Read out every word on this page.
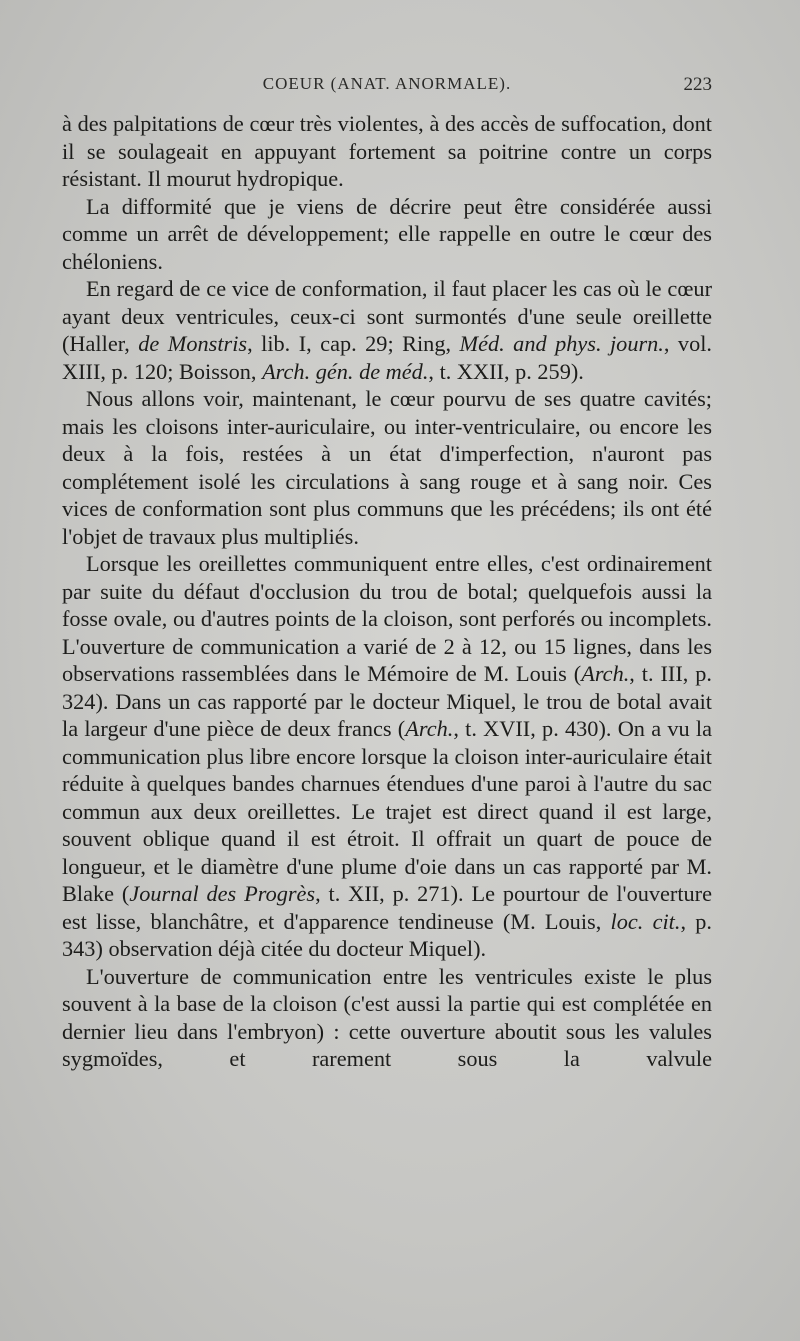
COEUR (ANAT. ANORMALE).	223

à des palpitations de cœur très violentes, à des accès de suffocation, dont il se soulageait en appuyant fortement sa poitrine contre un corps résistant. Il mourut hydropique.

La difformité que je viens de décrire peut être considérée aussi comme un arrêt de développement; elle rappelle en outre le cœur des chéloniens.

En regard de ce vice de conformation, il faut placer les cas où le cœur ayant deux ventricules, ceux-ci sont surmontés d'une seule oreillette (Haller, de Monstris, lib. I, cap. 29; Ring, Méd. and phys. journ., vol. XIII, p. 120; Boisson, Arch. gén. de méd., t. XXII, p. 259).

Nous allons voir, maintenant, le cœur pourvu de ses quatre cavités; mais les cloisons inter-auriculaire, ou inter-ventriculaire, ou encore les deux à la fois, restées à un état d'imperfection, n'auront pas complétement isolé les circulations à sang rouge et à sang noir. Ces vices de conformation sont plus communs que les précédens; ils ont été l'objet de travaux plus multipliés.

Lorsque les oreillettes communiquent entre elles, c'est ordinairement par suite du défaut d'occlusion du trou de botal; quelquefois aussi la fosse ovale, ou d'autres points de la cloison, sont perforés ou incomplets. L'ouverture de communication a varié de 2 à 12, ou 15 lignes, dans les observations rassemblées dans le Mémoire de M. Louis (Arch., t. III, p. 324). Dans un cas rapporté par le docteur Miquel, le trou de botal avait la largeur d'une pièce de deux francs (Arch., t. XVII, p. 430). On a vu la communication plus libre encore lorsque la cloison inter-auriculaire était réduite à quelques bandes charnues étendues d'une paroi à l'autre du sac commun aux deux oreillettes. Le trajet est direct quand il est large, souvent oblique quand il est étroit. Il offrait un quart de pouce de longueur, et le diamètre d'une plume d'oie dans un cas rapporté par M. Blake (Journal des Progrès, t. XII, p. 271). Le pourtour de l'ouverture est lisse, blanchâtre, et d'apparence tendineuse (M. Louis, loc. cit., p. 343) observation déjà citée du docteur Miquel).

L'ouverture de communication entre les ventricules existe le plus souvent à la base de la cloison (c'est aussi la partie qui est complétée en dernier lieu dans l'embryon) : cette ouverture aboutit sous les valules sygmoïdes, et rarement sous la valvule
